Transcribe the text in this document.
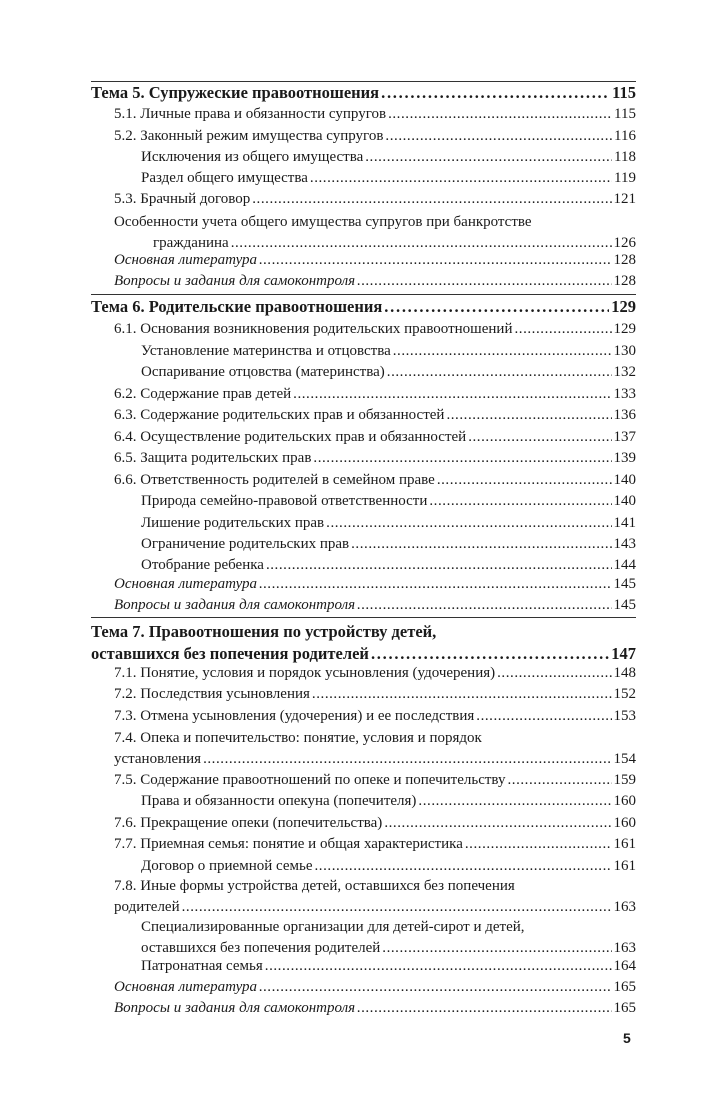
Тема 5. Супружеские правоотношения . . .	115
5.1. Личные права и обязанности супругов . . .	115
5.2. Законный режим имущества супругов . . .	116
Исключения из общего имущества . . .	118
Раздел общего имущества . . .	119
5.3. Брачный договор . . .	121
Особенности учета общего имущества супругов при банкротстве
гражданина . . .	126
Основная литература . . .	128
Вопросы и задания для самоконтроля . . .	128
Тема 6. Родительские правоотношения . . .	129
6.1. Основания возникновения родительских правоотношений . . .	129
Установление материнства и отцовства . . .	130
Оспаривание отцовства (материнства) . . .	132
6.2. Содержание прав детей . . .	133
6.3. Содержание родительских прав и обязанностей . . .	136
6.4. Осуществление родительских прав и обязанностей . . .	137
6.5. Защита родительских прав . . .	139
6.6. Ответственность родителей в семейном праве . . .	140
Природа семейно-правовой ответственности . . .	140
Лишение родительских прав . . .	141
Ограничение родительских прав . . .	143
Отобрание ребенка . . .	144
Основная литература . . .	145
Вопросы и задания для самоконтроля . . .	145
Тема 7. Правоотношения по устройству детей,
оставшихся без попечения родителей . . .	147
7.1. Понятие, условия и порядок усыновления (удочерения) . . .	148
7.2. Последствия усыновления . . .	152
7.3. Отмена усыновления (удочерения) и ее последствия . . .	153
7.4. Опека и попечительство: понятие, условия и порядок
установления . . .	154
7.5. Содержание правоотношений по опеке и попечительству . . .	159
Права и обязанности опекуна (попечителя) . . .	160
7.6. Прекращение опеки (попечительства) . . .	160
7.7. Приемная семья: понятие и общая характеристика . . .	161
Договор о приемной семье . . .	161
7.8. Иные формы устройства детей, оставшихся без попечения
родителей . . .	163
Специализированные организации для детей-сирот и детей,
оставшихся без попечения родителей . . .	163
Патронатная семья . . .	164
Основная литература . . .	165
Вопросы и задания для самоконтроля . . .	165
5
